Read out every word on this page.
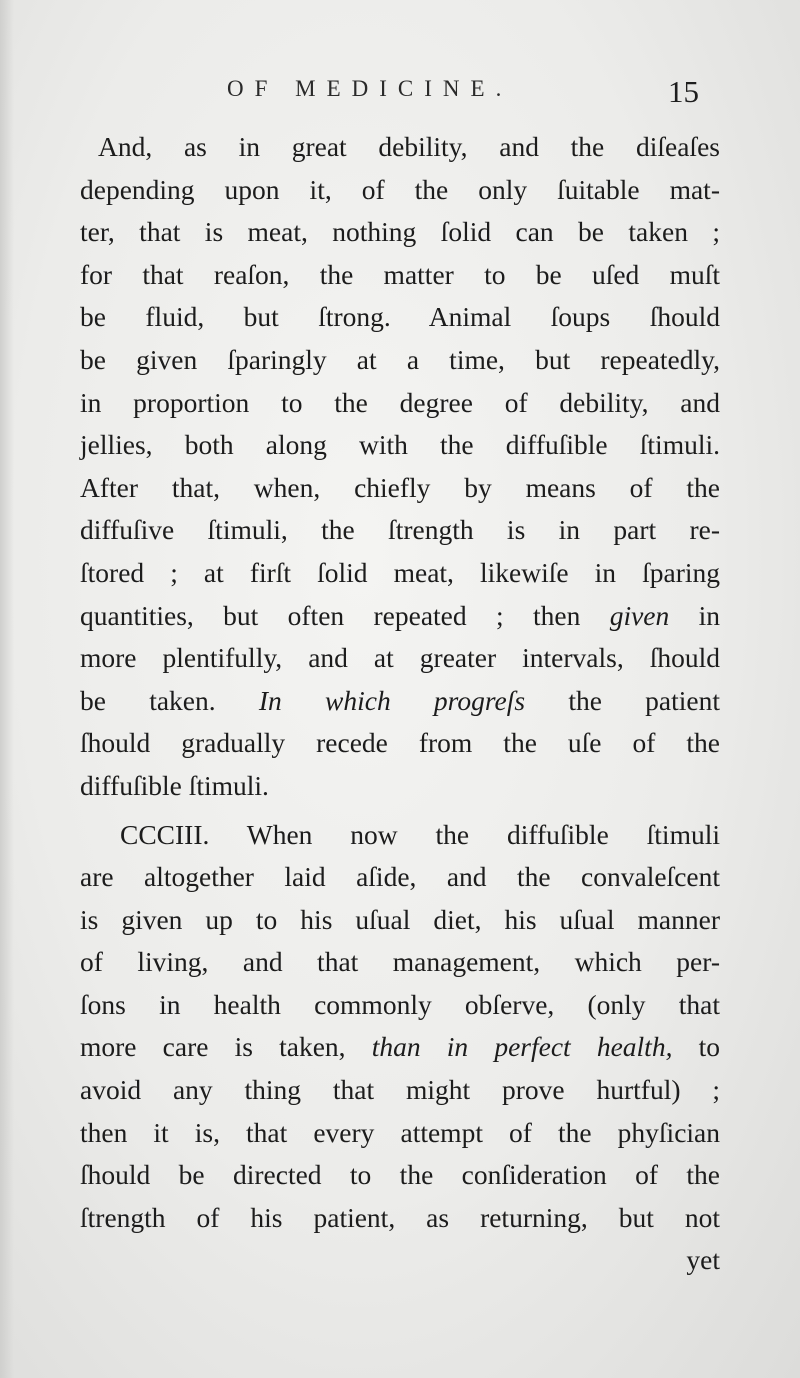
OF MEDICINE.	15
And, as in great debility, and the diſeaſes
depending upon it, of the only ſuitable mat-
ter, that is meat, nothing ſolid can be taken ;
for that reaſon, the matter to be uſed muſt
be fluid, but ſtrong. Animal ſoups ſhould
be given ſparingly at a time, but repeatedly,
in proportion to the degree of debility, and
jellies, both along with the diffuſible ſtimuli.
After that, when, chiefly by means of the
diffuſive ſtimuli, the ſtrength is in part re-
ſtored ; at firſt ſolid meat, likewiſe in ſparing
quantities, but often repeated ; then given in
more plentifully, and at greater intervals, ſhould
be taken. In which progreſs the patient
ſhould gradually recede from the uſe of the
diffuſible ſtimuli.
CCCIII. When now the diffuſible ſtimuli
are altogether laid aſide, and the convaleſcent
is given up to his uſual diet, his uſual manner
of living, and that management, which per-
ſons in health commonly obſerve, (only that
more care is taken, than in perfect health, to
avoid any thing that might prove hurtful) ;
then it is, that every attempt of the phyſician
ſhould be directed to the conſideration of the
ſtrength of his patient, as returning, but not
yet
